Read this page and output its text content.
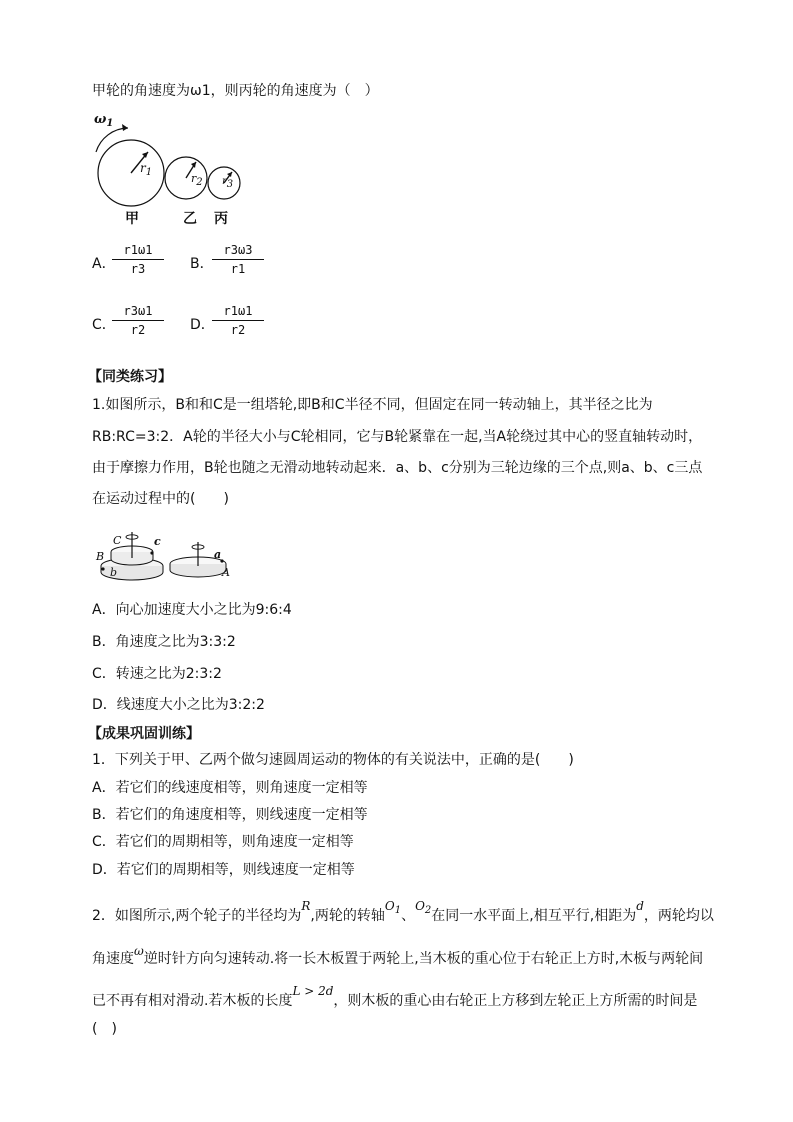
甲轮的角速度为ω1，则丙轮的角速度为（　）
$\omega_1$
$r_1$	r2 r3
甲	乙 丙
A．
r1ω1
r3	B．
r3ω3
r1
C．
r3ω1
r2	D．
r1ω1
r2
【同类练习】
1.如图所示，B和和C是一组塔轮,即B和C半径不同，但固定在同一转动轴上，其半径之比为
RB:RC=3:2．A轮的半径大小与C轮相同，它与B轮紧靠在一起,当A轮绕过其中心的竖直轴转动时，
由于摩擦力作用，B轮也随之无滑动地转动起来．a、b、c分别为三轮边缘的三个点,则a、b、c三点
在运动过程中的(　　)
C	c
B
b
a
A
A．向心加速度大小之比为9:6:4
B．角速度之比为3:3:2
C．转速之比为2:3:2
D．线速度大小之比为3:2:2
【成果巩固训练】
1．下列关于甲、乙两个做匀速圆周运动的物体的有关说法中，正确的是(　　)
A．若它们的线速度相等，则角速度一定相等
B．若它们的角速度相等，则线速度一定相等
C．若它们的周期相等，则角速度一定相等
D．若它们的周期相等，则线速度一定相等
2．如图所示,两个轮子的半径均为R,两轮的转轴$O_1$、$O_2$在同一水平面上,相互平行,相距为d，两轮均以
角速度ω逆时针方向匀速转动.将一长木板置于两轮上,当木板的重心位于右轮正上方时,木板与两轮间
已不再有相对滑动.若木板的长度L > 2d，则木板的重心由右轮正上方移到左轮正上方所需的时间是
(　)
